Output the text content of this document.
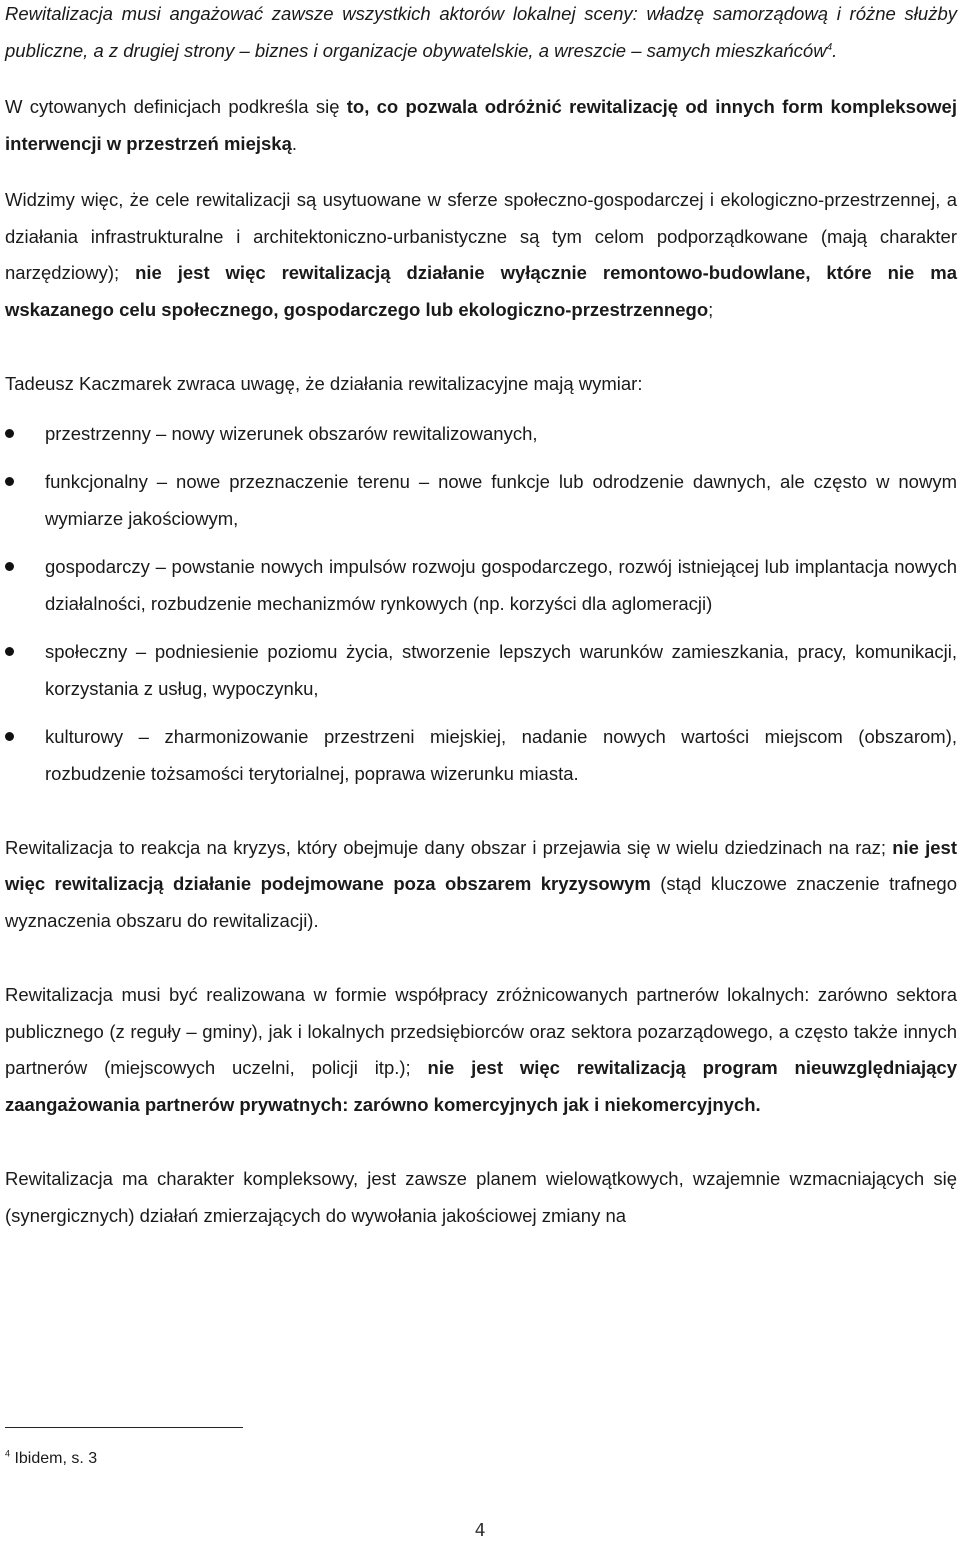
Rewitalizacja musi angażować zawsze wszystkich aktorów lokalnej sceny: władzę samorządową i różne służby publiczne, a z drugiej strony – biznes i organizacje obywatelskie, a wreszcie – samych mieszkańców$^4$.

W cytowanych definicjach podkreśla się to, co pozwala odróżnić rewitalizację od innych form kompleksowej interwencji w przestrzeń miejską.

Widzimy więc, że cele rewitalizacji są usytuowane w sferze społeczno-gospodarczej i ekologiczno-przestrzennej, a działania infrastrukturalne i architektoniczno-urbanistyczne są tym celom podporządkowane (mają charakter narzędziowy); nie jest więc rewitalizacją działanie wyłącznie remontowo-budowlane, które nie ma wskazanego celu społecznego, gospodarczego lub ekologiczno-przestrzennego;

Tadeusz Kaczmarek zwraca uwagę, że działania rewitalizacyjne mają wymiar:

przestrzenny – nowy wizerunek obszarów rewitalizowanych,
funkcjonalny – nowe przeznaczenie terenu – nowe funkcje lub odrodzenie dawnych, ale często w nowym wymiarze jakościowym,
gospodarczy – powstanie nowych impulsów rozwoju gospodarczego, rozwój istniejącej lub implantacja nowych działalności, rozbudzenie mechanizmów rynkowych (np. korzyści dla aglomeracji)
społeczny – podniesienie poziomu życia, stworzenie lepszych warunków zamieszkania, pracy, komunikacji, korzystania z usług, wypoczynku,
kulturowy – zharmonizowanie przestrzeni miejskiej, nadanie nowych wartości miejscom (obszarom), rozbudzenie tożsamości terytorialnej, poprawa wizerunku miasta.

Rewitalizacja to reakcja na kryzys, który obejmuje dany obszar i przejawia się w wielu dziedzinach na raz; nie jest więc rewitalizacją działanie podejmowane poza obszarem kryzysowym (stąd kluczowe znaczenie trafnego wyznaczenia obszaru do rewitalizacji).

Rewitalizacja musi być realizowana w formie współpracy zróżnicowanych partnerów lokalnych: zarówno sektora publicznego (z reguły – gminy), jak i lokalnych przedsiębiorców oraz sektora pozarządowego, a często także innych partnerów (miejscowych uczelni, policji itp.); nie jest więc rewitalizacją program nieuwzględniający zaangażowania partnerów prywatnych: zarówno komercyjnych jak i niekomercyjnych.

Rewitalizacja ma charakter kompleksowy, jest zawsze planem wielowątkowych, wzajemnie wzmacniających się (synergicznych) działań zmierzających do wywołania jakościowej zmiany na

$^4$ Ibidem, s. 3
4
